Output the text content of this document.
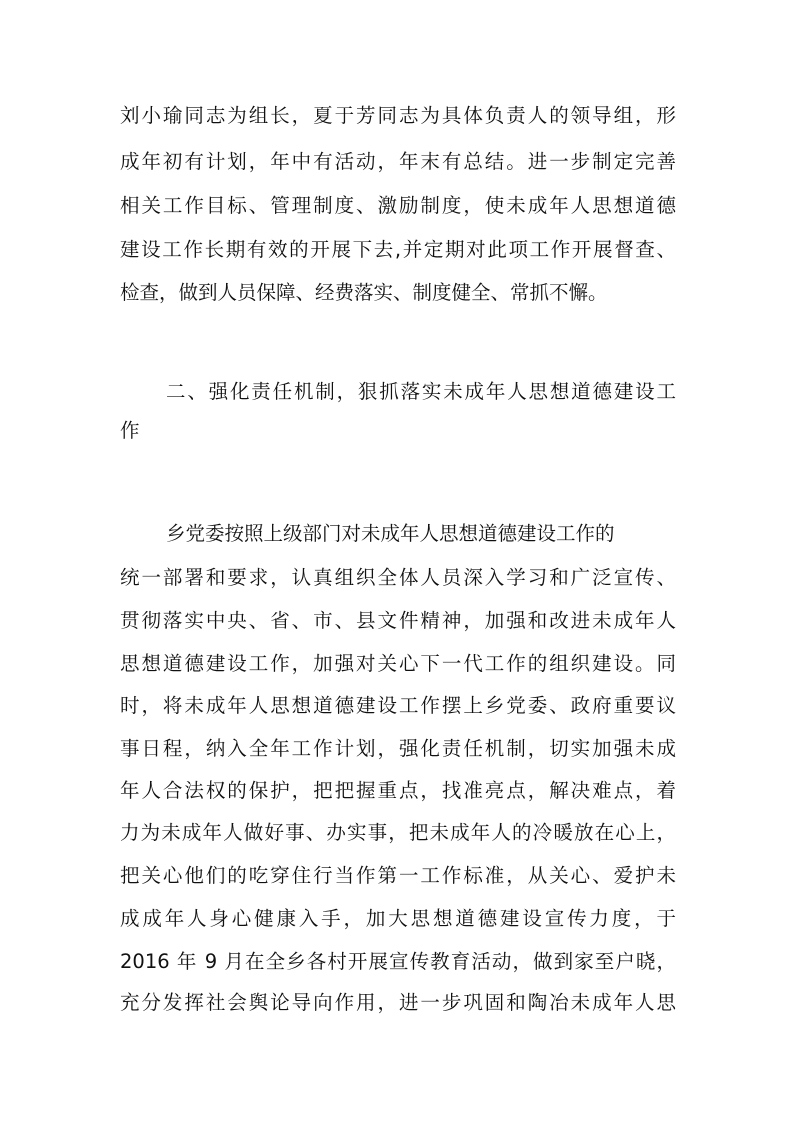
刘小瑜同志为组长，夏于芳同志为具体负责人的领导组，形
成年初有计划，年中有活动，年末有总结。进一步制定完善
相关工作目标、管理制度、激励制度，使未成年人思想道德
建设工作长期有效的开展下去,并定期对此项工作开展督查、
检查，做到人员保障、经费落实、制度健全、常抓不懈。
二、强化责任机制，狠抓落实未成年人思想道德建设工
作
乡党委按照上级部门对未成年人思想道德建设工作的
统一部署和要求，认真组织全体人员深入学习和广泛宣传、
贯彻落实中央、省、市、县文件精神，加强和改进未成年人
思想道德建设工作，加强对关心下一代工作的组织建设。同
时，将未成年人思想道德建设工作摆上乡党委、政府重要议
事日程，纳入全年工作计划，强化责任机制，切实加强未成
年人合法权的保护，把把握重点，找准亮点，解决难点，着
力为未成年人做好事、办实事，把未成年人的冷暖放在心上，
把关心他们的吃穿住行当作第一工作标准，从关心、爱护未
成成年人身心健康入手，加大思想道德建设宣传力度，于
2016 年 9 月在全乡各村开展宣传教育活动，做到家至户晓，
充分发挥社会舆论导向作用，进一步巩固和陶冶未成年人思
